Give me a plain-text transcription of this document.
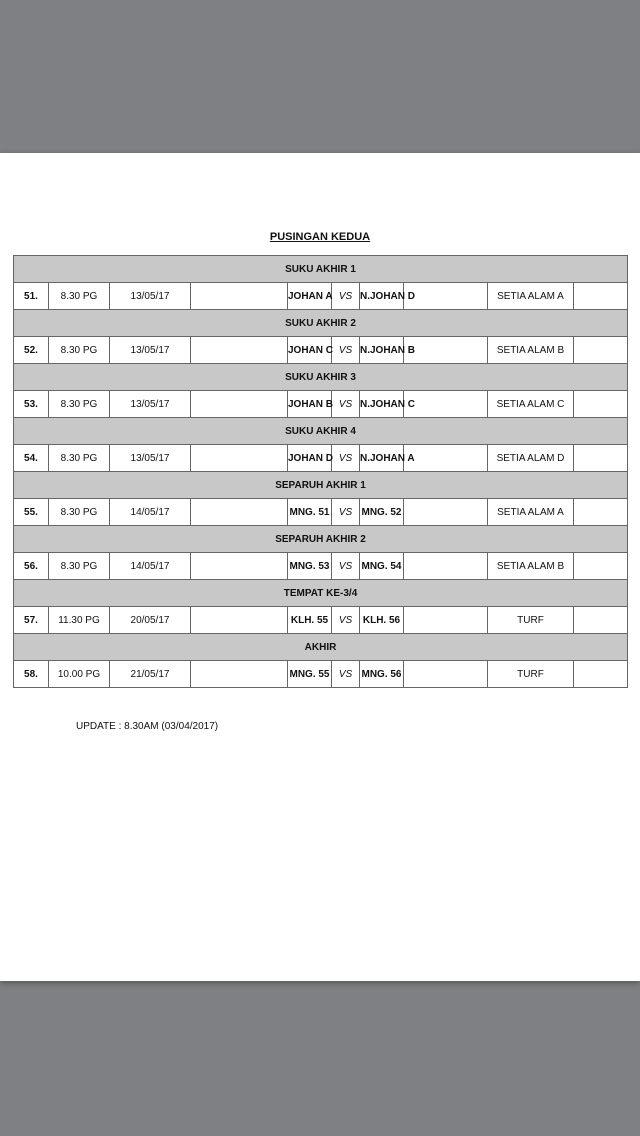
PUSINGAN KEDUA
SUKU AKHIR 1									
51.	8.30 PG	13/05/17		JOHAN A	VS	N.JOHAN D		SETIA ALAM A	
SUKU AKHIR 2									
52.	8.30 PG	13/05/17		JOHAN C	VS	N.JOHAN B		SETIA ALAM B	
SUKU AKHIR 3									
53.	8.30 PG	13/05/17		JOHAN B	VS	N.JOHAN C		SETIA ALAM C	
SUKU AKHIR 4									
54.	8.30 PG	13/05/17		JOHAN D	VS	N.JOHAN A		SETIA ALAM D	
SEPARUH AKHIR 1									
55.	8.30 PG	14/05/17		MNG. 51	VS	MNG. 52		SETIA ALAM A	
SEPARUH AKHIR 2									
56.	8.30 PG	14/05/17		MNG. 53	VS	MNG. 54		SETIA ALAM B	
TEMPAT KE-3/4									
57.	11.30 PG	20/05/17		KLH. 55	VS	KLH. 56		TURF	
AKHIR									
58.	10.00 PG	21/05/17		MNG. 55	VS	MNG. 56		TURF	
UPDATE : 8.30AM (03/04/2017)
